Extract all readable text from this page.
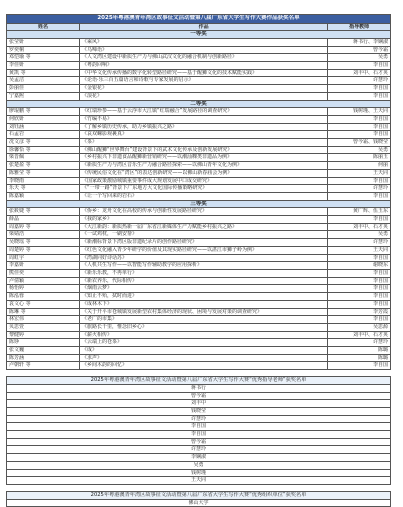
2025年粤港澳青年湾区故事征文活动暨第八届广东省大学生写作大赛作品获奖名单		
姓名	作品	指导教师
一等奖		
张莹妍	《乘风》	蒋书行、李娴淑
罗奕桐	《乌啼语》	曾今霜
邓恺瑜 等	《人文湾区建设中新质生产力与佛山武汉文化的融合机制与创新路径》	吴勇
李佳妍	《粤韵回响》	李自国
黄凯 等	《中华文化传承传播的数字化转型路径研究——基于醒狮文化的技术赋能实践》	刘丰中、石才英
吴孟洁	《论语·乐三百五篇语言和诗歌与专家发展的启示》	许慧玲
彭丽佳	《金银花》	李自国
宁嘉熙	《浪花》	李自国
二等奖		
廖琨鹏 等	《红瑞珍参——基于云浮市大江镇“红瑞融合”发展路径的调查研究》	钱树瑾、王天同
何欣妍	《竹编不易》	李自国
刘钰涵	《了解乡镇历史传承，助力乡镇振兴之路》	李自国
石孟岩	《哀双螺影观裹真》	李自国
冼文彦 等	《茶》	曾今霜、钱晓莹
徐馨恰 等	《佛山醒狮“世界舞台”建设背景下的武术文化传承及创新发展研究》	吴勇
梁晋佩	《乡村振兴下非遗食品醒狮新营销研究——以潮汕粿类非遗品为例》	陈丽玉
张楚盈 等	《新质生产力与湾区音乐生产力融合路径探索——以佛山青年文化为例》	何丽
陈雅莹 等	《传统民俗文化在“湾区”的表达创新研究——以佛山新春庙会为例》	王天同
李晓雨	《国家政策激励城镇重要事件成大规划发展中口成交研究》	李自国
乐天 等	《“一带一路”背景下广东地方大文化国际传播策略研究》	许慧玲
陈嘉颖	《让一个写回来的岩石》	李自国
三等奖		
张筱婕 等	《侨乡：龙舟文化在高校的传承与创新性发展路径研究》	黄广辉、伍玉东
薛晶	《我的家乡》	李自国
周嘉婷 等	《大江新韵：新质热新一届广东省江新媒体生产力赋能乡村振兴之路》	刘丰中、石才英
梁婧浩	《一试鸡枕，一刷安帮》	吴勇
吴晓瑶 等	《新潮标背景下湾区版非遗纪录片的创作路径研究》	许慧玲
周楚婷 等	《红色文化融入青少年研学的价值及其现实路径研究——以湛江市狮子岭为例》	王天同
周虹宇	《湾湖同好诗话苏》	李自国
李嘉妍	《人机共生写作——以智能写作辅助教学的应用探析》	谢晓东
熊佳奕	《新乐乐教，不再单行》	李自国
卢倩颖	《新农养乐，代际相传》	李自国
杨怡婷	《烟雨云梦》	李自国
陈泓蓉	《知止不殆，拭时而进》	李自国
袁文心 等	《成林木下》	李自国
陈琳 等	《关于开平市苍城镇发展新型农村集体经济的现状、困境与发展对策的调查研究》	李芳霞
林宏伟	《老广的市集》	李自国
贝思萱	《旅路长千里，惟念旧乡心》	吴思源
黎健婷	《薪火相传》	刘丰中、石才英
陈铮	《云端上的苍茶》	许慧玲
张文巍	《成》	陈璐
陈芳涵	《求声》	陈璐
卢朝轩 等	《乡间木韵的回忆》	李自国
2025年粤港澳青年湾区故事征文活动暨第八届广东省大学生写作大赛“优秀指导老师”获奖名单
蒋书行
曾今霜
刘丰中
钱晓莹
许慧玲
李自国
李自国
曾今霜
许慧玲
李娴淑
吴勇
钱树瑾
王天同
2025年粤港澳青年湾区故事征文活动暨第八届广东省大学生写作大赛“优秀组织单位”获奖名单
佛山大学
